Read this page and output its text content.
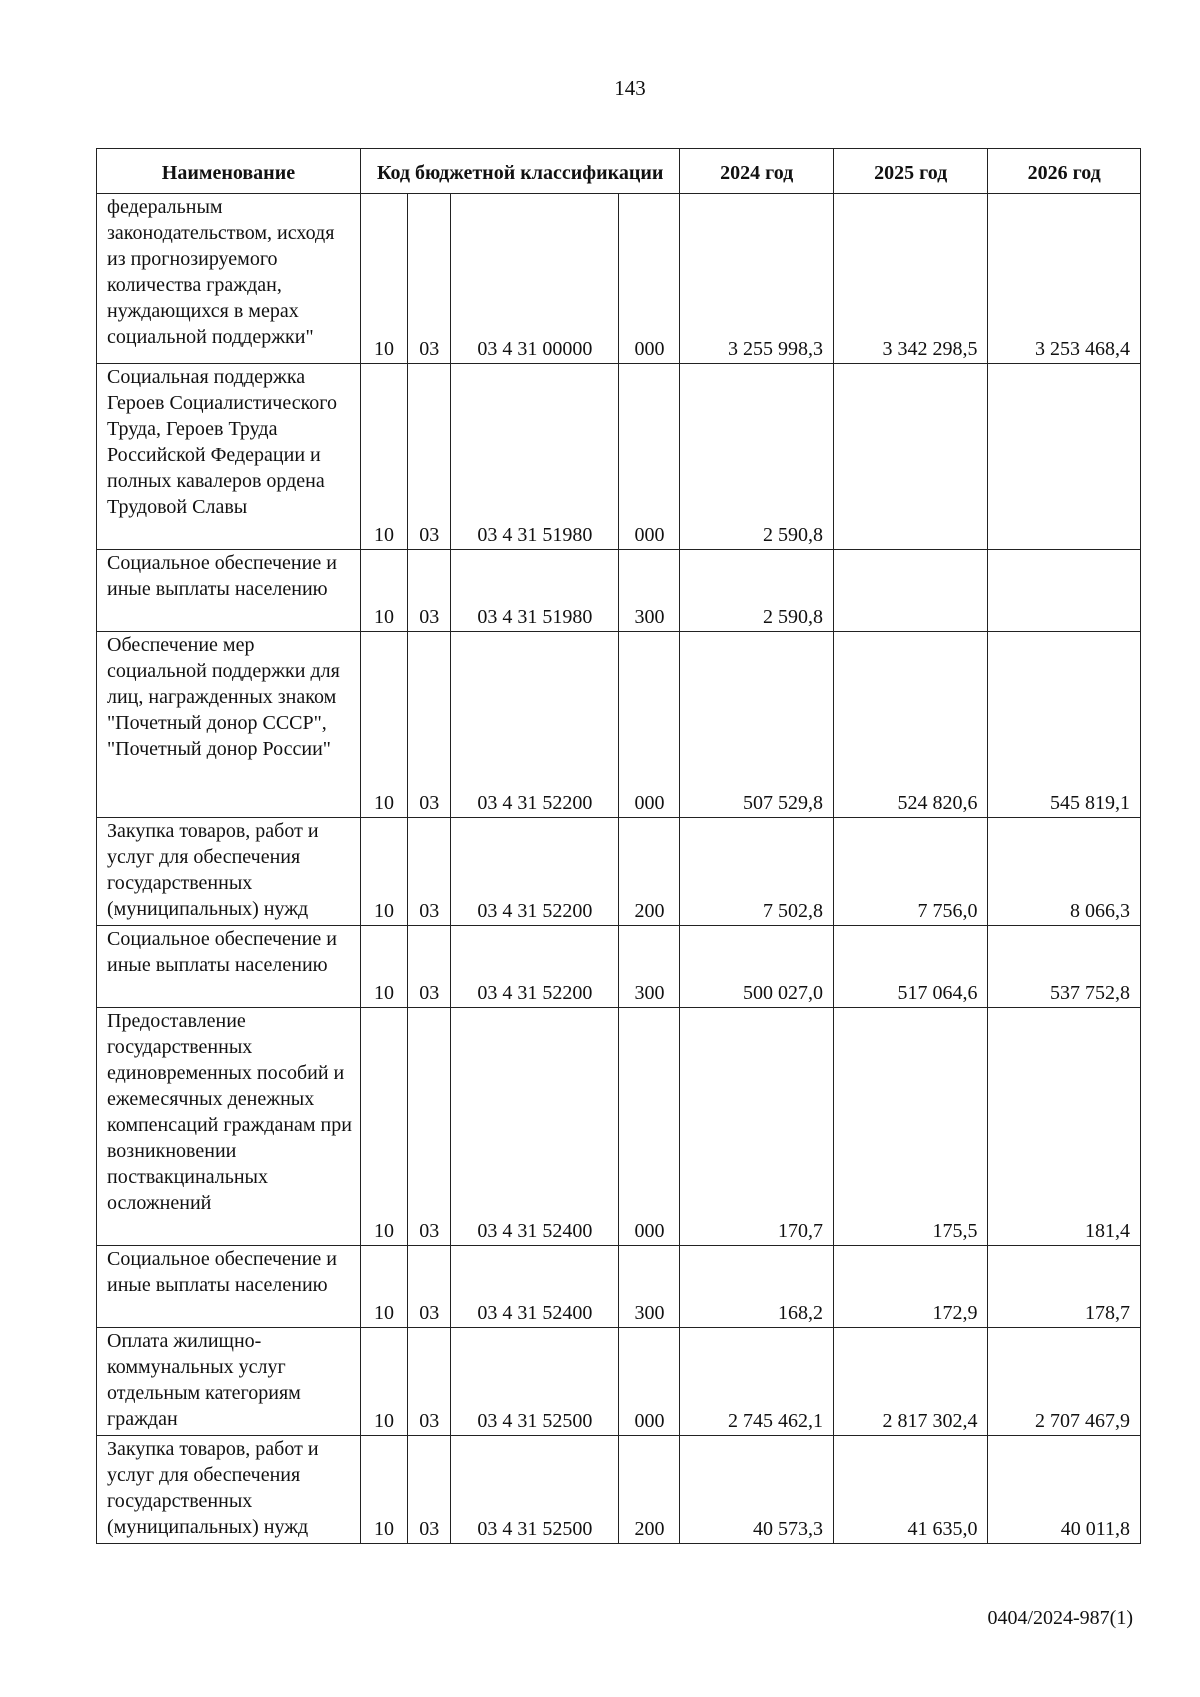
143
Наименование	Код бюджетной классификации				2024 год	2025 год	2026 год
федеральным законодательством, исходя из прогнозируемого количества граждан, нуждающихся в мерах социальной поддержки"	10	03	03 4 31 00000	000	3 255 998,3	3 342 298,5	3 253 468,4
Социальная поддержка Героев Социалистического Труда, Героев Труда Российской Федерации и полных кавалеров ордена Трудовой Славы	10	03	03 4 31 51980	000	2 590,8		
Социальное обеспечение и иные выплаты населению	10	03	03 4 31 51980	300	2 590,8		
Обеспечение мер социальной поддержки для лиц, награжденных знаком "Почетный донор СССР", "Почетный донор России"	10	03	03 4 31 52200	000	507 529,8	524 820,6	545 819,1
Закупка товаров, работ и услуг для обеспечения государственных (муниципальных) нужд	10	03	03 4 31 52200	200	7 502,8	7 756,0	8 066,3
Социальное обеспечение и иные выплаты населению	10	03	03 4 31 52200	300	500 027,0	517 064,6	537 752,8
Предоставление государственных единовременных пособий и ежемесячных денежных компенсаций гражданам при возникновении поствакцинальных осложнений	10	03	03 4 31 52400	000	170,7	175,5	181,4
Социальное обеспечение и иные выплаты населению	10	03	03 4 31 52400	300	168,2	172,9	178,7
Оплата жилищно-коммунальных услуг отдельным категориям граждан	10	03	03 4 31 52500	000	2 745 462,1	2 817 302,4	2 707 467,9
Закупка товаров, работ и услуг для обеспечения государственных (муниципальных) нужд	10	03	03 4 31 52500	200	40 573,3	41 635,0	40 011,8
0404/2024-987(1)
